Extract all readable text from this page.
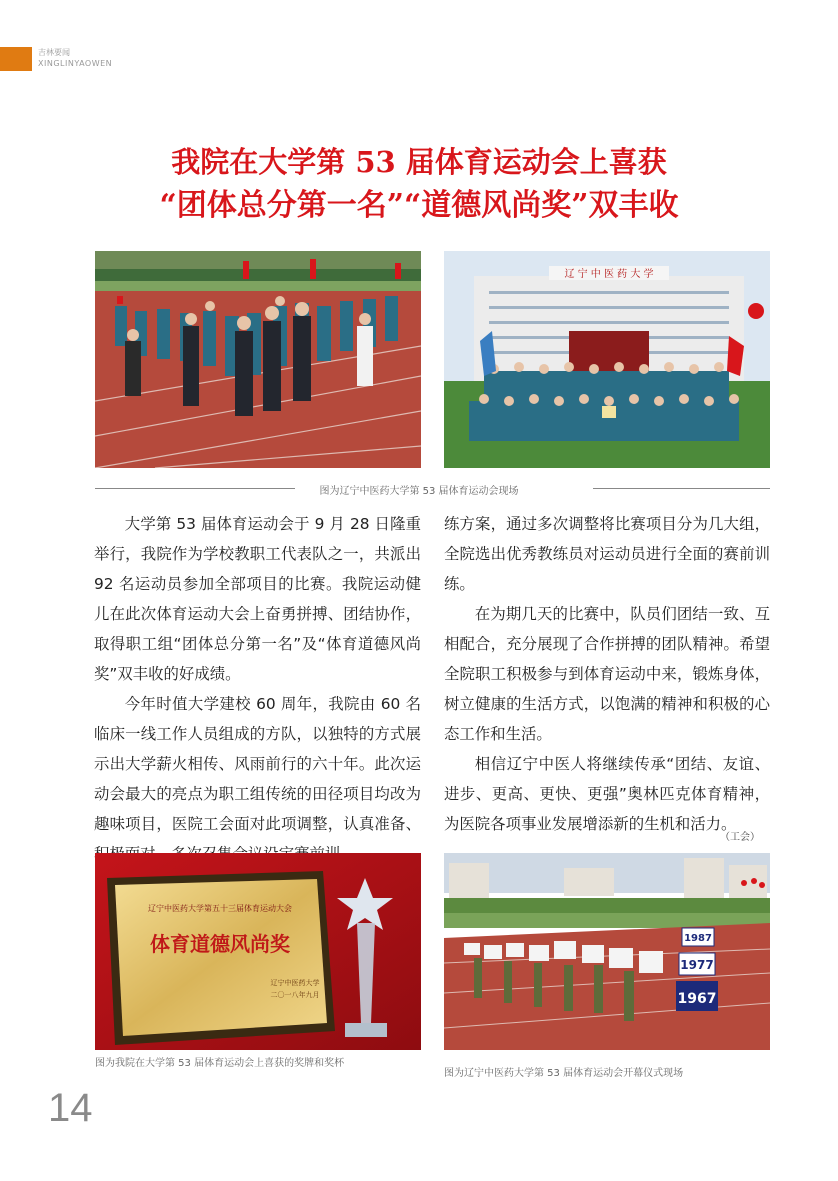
吉林要闻
XINGLINYAOWEN
我院在大学第 53 届体育运动会上喜获
“团体总分第一名”“道德风尚奖”双丰收
辽 宁 中 医 药 大 学
图为辽宁中医药大学第 53 届体育运动会现场

大学第 53 届体育运动会于 9 月 28 日隆重举行，我院作为学校教职工代表队之一，共派出 92 名运动员参加全部项目的比赛。我院运动健儿在此次体育运动大会上奋勇拼搏、团结协作，取得职工组“团体总分第一名”及“体育道德风尚奖”双丰收的好成绩。

今年时值大学建校 60 周年，我院由 60 名临床一线工作人员组成的方队，以独特的方式展示出大学薪火相传、风雨前行的六十年。此次运动会最大的亮点为职工组传统的田径项目均改为趣味项目，医院工会面对此项调整，认真准备、

练方案，通过多次调整将比赛项目分为几大组，全院选出优秀教练员对运动员进行全面的赛前训练。

在为期几天的比赛中，队员们团结一致、互相配合，充分展现了合作拼搏的团队精神。希望全院职工积极参与到体育运动中来，锻炼身体，树立健康的生活方式，以饱满的精神和积极的心态工作和生活。

相信辽宁中医人将继续传承“团结、友谊、进步、更高、更快、更强”奥林匹克体育精神，为医院各项事业发展增添新的生机和活力。

（工会）
辽宁中医药大学第五十三届体育运动大会
体育道德风尚奖
辽宁中医药大学
二〇一八年九月
图为我院在大学第 53 届体育运动会上喜获的奖牌和奖杯
1987
1977
1967
图为辽宁中医药大学第 53 届体育运动会开幕仪式现场
14
